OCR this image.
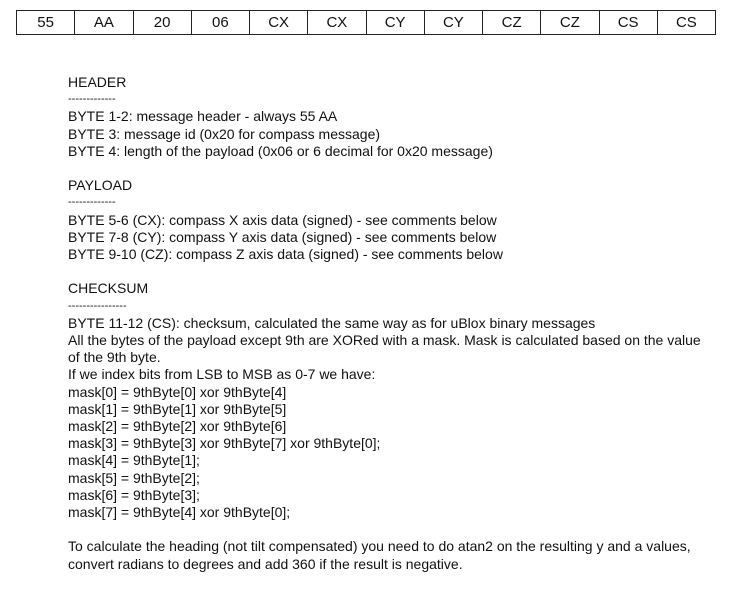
55	AA	20	06	CX	CX	CY	CY	CZ	CZ	CS	CS
HEADER
-------------
BYTE 1-2: message header - always 55 AA
BYTE 3: message id (0x20 for compass message)
BYTE 4: length of the payload (0x06 or 6 decimal for 0x20 message)
PAYLOAD
-------------
BYTE 5-6 (CX): compass X axis data (signed) - see comments below
BYTE 7-8 (CY): compass Y axis data (signed) - see comments below
BYTE 9-10 (CZ): compass Z axis data (signed) - see comments below
CHECKSUM
----------------
BYTE 11-12 (CS): checksum, calculated the same way as for uBlox binary messages
All the bytes of the payload except 9th are XORed with a mask. Mask is calculated based on the value of the 9th byte.
If we index bits from LSB to MSB as 0-7 we have:
mask[0] = 9thByte[0] xor 9thByte[4]
mask[1] = 9thByte[1] xor 9thByte[5]
mask[2] = 9thByte[2] xor 9thByte[6]
mask[3] = 9thByte[3] xor 9thByte[7] xor 9thByte[0];
mask[4] = 9thByte[1];
mask[5] = 9thByte[2];
mask[6] = 9thByte[3];
mask[7] = 9thByte[4] xor 9thByte[0];
To calculate the heading (not tilt compensated) you need to do atan2 on the resulting y and a values, convert radians to degrees and add 360 if the result is negative.
